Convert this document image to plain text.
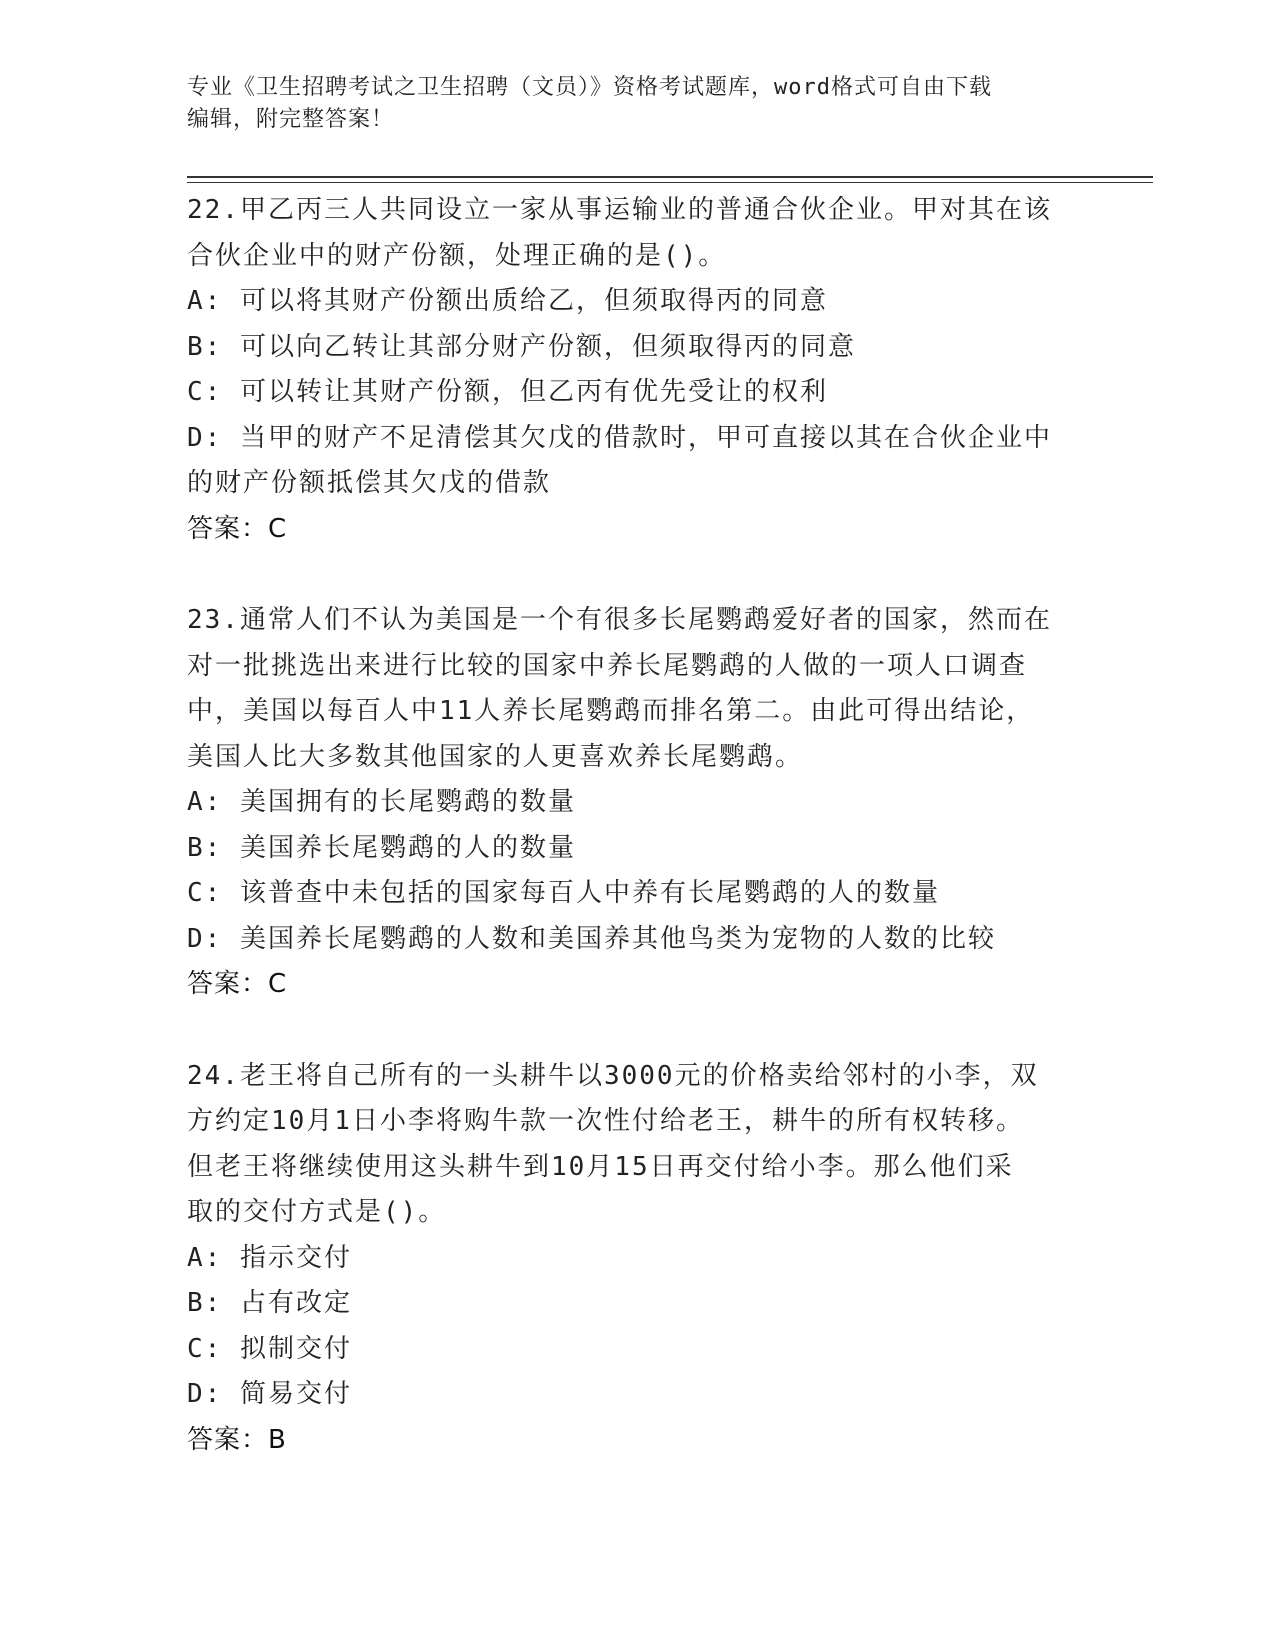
专业《卫生招聘考试之卫生招聘（文员）》资格考试题库，word格式可自由下载
编辑，附完整答案！
22.甲乙丙三人共同设立一家从事运输业的普通合伙企业。甲对其在该
合伙企业中的财产份额，处理正确的是()。
A: 可以将其财产份额出质给乙，但须取得丙的同意
B: 可以向乙转让其部分财产份额，但须取得丙的同意
C: 可以转让其财产份额，但乙丙有优先受让的权利
D: 当甲的财产不足清偿其欠戊的借款时，甲可直接以其在合伙企业中
的财产份额抵偿其欠戊的借款
答案：C
23.通常人们不认为美国是一个有很多长尾鹦鹉爱好者的国家，然而在
对一批挑选出来进行比较的国家中养长尾鹦鹉的人做的一项人口调查
中，美国以每百人中11人养长尾鹦鹉而排名第二。由此可得出结论，
美国人比大多数其他国家的人更喜欢养长尾鹦鹉。
A: 美国拥有的长尾鹦鹉的数量
B: 美国养长尾鹦鹉的人的数量
C: 该普查中未包括的国家每百人中养有长尾鹦鹉的人的数量
D: 美国养长尾鹦鹉的人数和美国养其他鸟类为宠物的人数的比较
答案：C
24.老王将自己所有的一头耕牛以3000元的价格卖给邻村的小李，双
方约定10月1日小李将购牛款一次性付给老王，耕牛的所有权转移。
但老王将继续使用这头耕牛到10月15日再交付给小李。那么他们采
取的交付方式是()。
A: 指示交付
B: 占有改定
C: 拟制交付
D: 简易交付
答案：B
